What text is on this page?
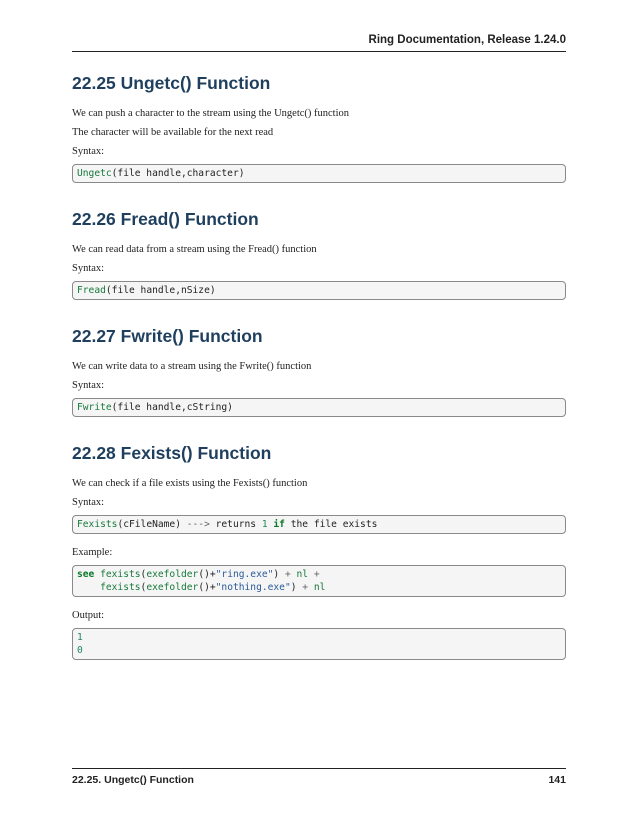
Ring Documentation, Release 1.24.0
22.25 Ungetc() Function

We can push a character to the stream using the Ungetc() function

The character will be available for the next read

Syntax:

Ungetc(file handle,character)
22.26 Fread() Function

We can read data from a stream using the Fread() function

Syntax:

Fread(file handle,nSize)
22.27 Fwrite() Function

We can write data to a stream using the Fwrite() function

Syntax:

Fwrite(file handle,cString)
22.28 Fexists() Function

We can check if a file exists using the Fexists() function

Syntax:

Fexists(cFileName) ---> returns 1 if the file exists

Example:

see fexists(exefolder()+"ring.exe") + nl +
fexists(exefolder()+"nothing.exe") + nl

Output:

1
0
22.25. Ungetc() Function	141
